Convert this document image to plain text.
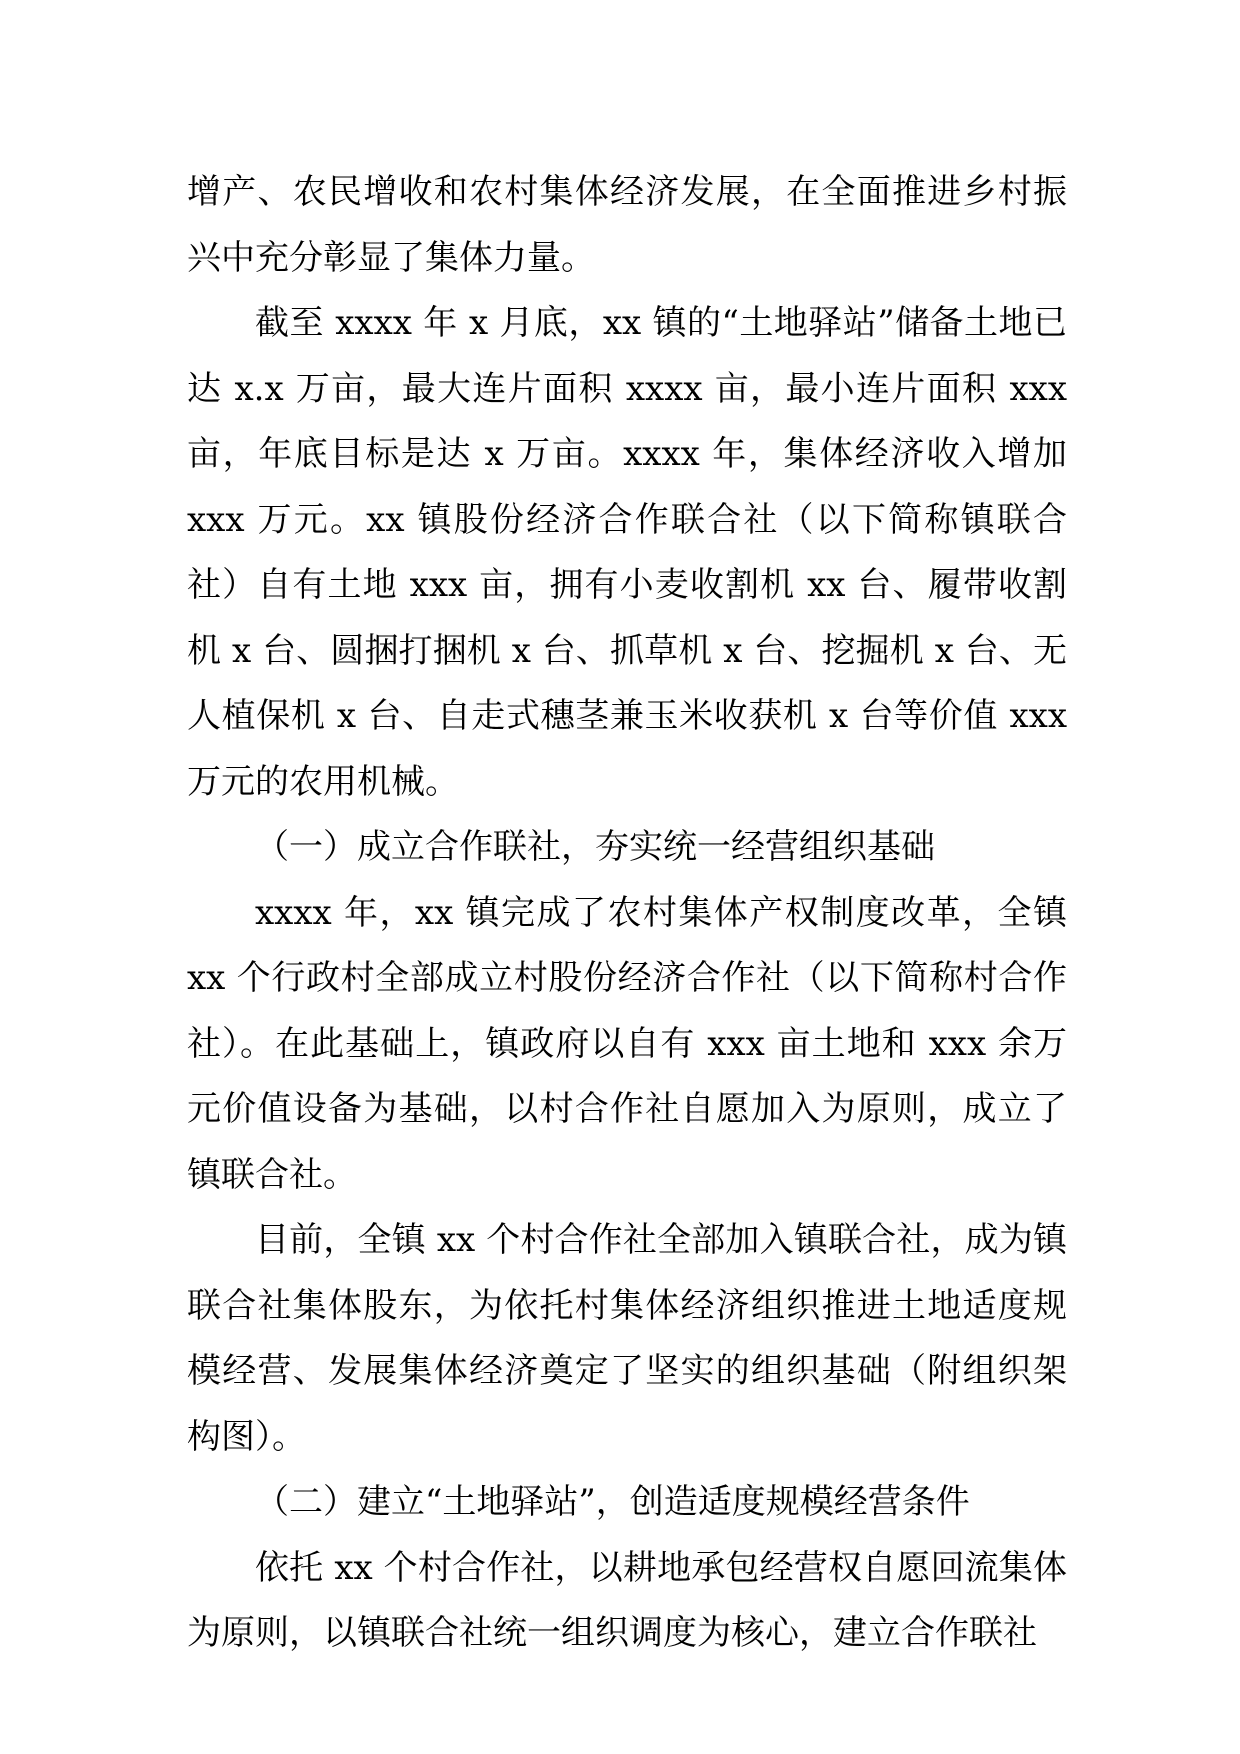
增产、农民增收和农村集体经济发展，在全面推进乡村振兴中充分彰显了集体力量。

截至 xxxx 年 x 月底，xx 镇的“土地驿站”储备土地已达 x.x 万亩，最大连片面积 xxxx 亩，最小连片面积 xxx 亩，年底目标是达 x 万亩。xxxx 年，集体经济收入增加 xxx 万元。xx 镇股份经济合作联合社（以下简称镇联合社）自有土地 xxx 亩，拥有小麦收割机 xx 台、履带收割机 x 台、圆捆打捆机 x 台、抓草机 x 台、挖掘机 x 台、无人植保机 x 台、自走式穗茎兼玉米收获机 x 台等价值 xxx 万元的农用机械。

（一）成立合作联社，夯实统一经营组织基础

xxxx 年，xx 镇完成了农村集体产权制度改革，全镇 xx 个行政村全部成立村股份经济合作社（以下简称村合作社）。在此基础上，镇政府以自有 xxx 亩土地和 xxx 余万元价值设备为基础，以村合作社自愿加入为原则，成立了镇联合社。

目前，全镇 xx 个村合作社全部加入镇联合社，成为镇联合社集体股东，为依托村集体经济组织推进土地适度规模经营、发展集体经济奠定了坚实的组织基础（附组织架构图）。

（二）建立“土地驿站”，创造适度规模经营条件

依托 xx 个村合作社，以耕地承包经营权自愿回流集体为原则，以镇联合社统一组织调度为核心，建立合作联社
